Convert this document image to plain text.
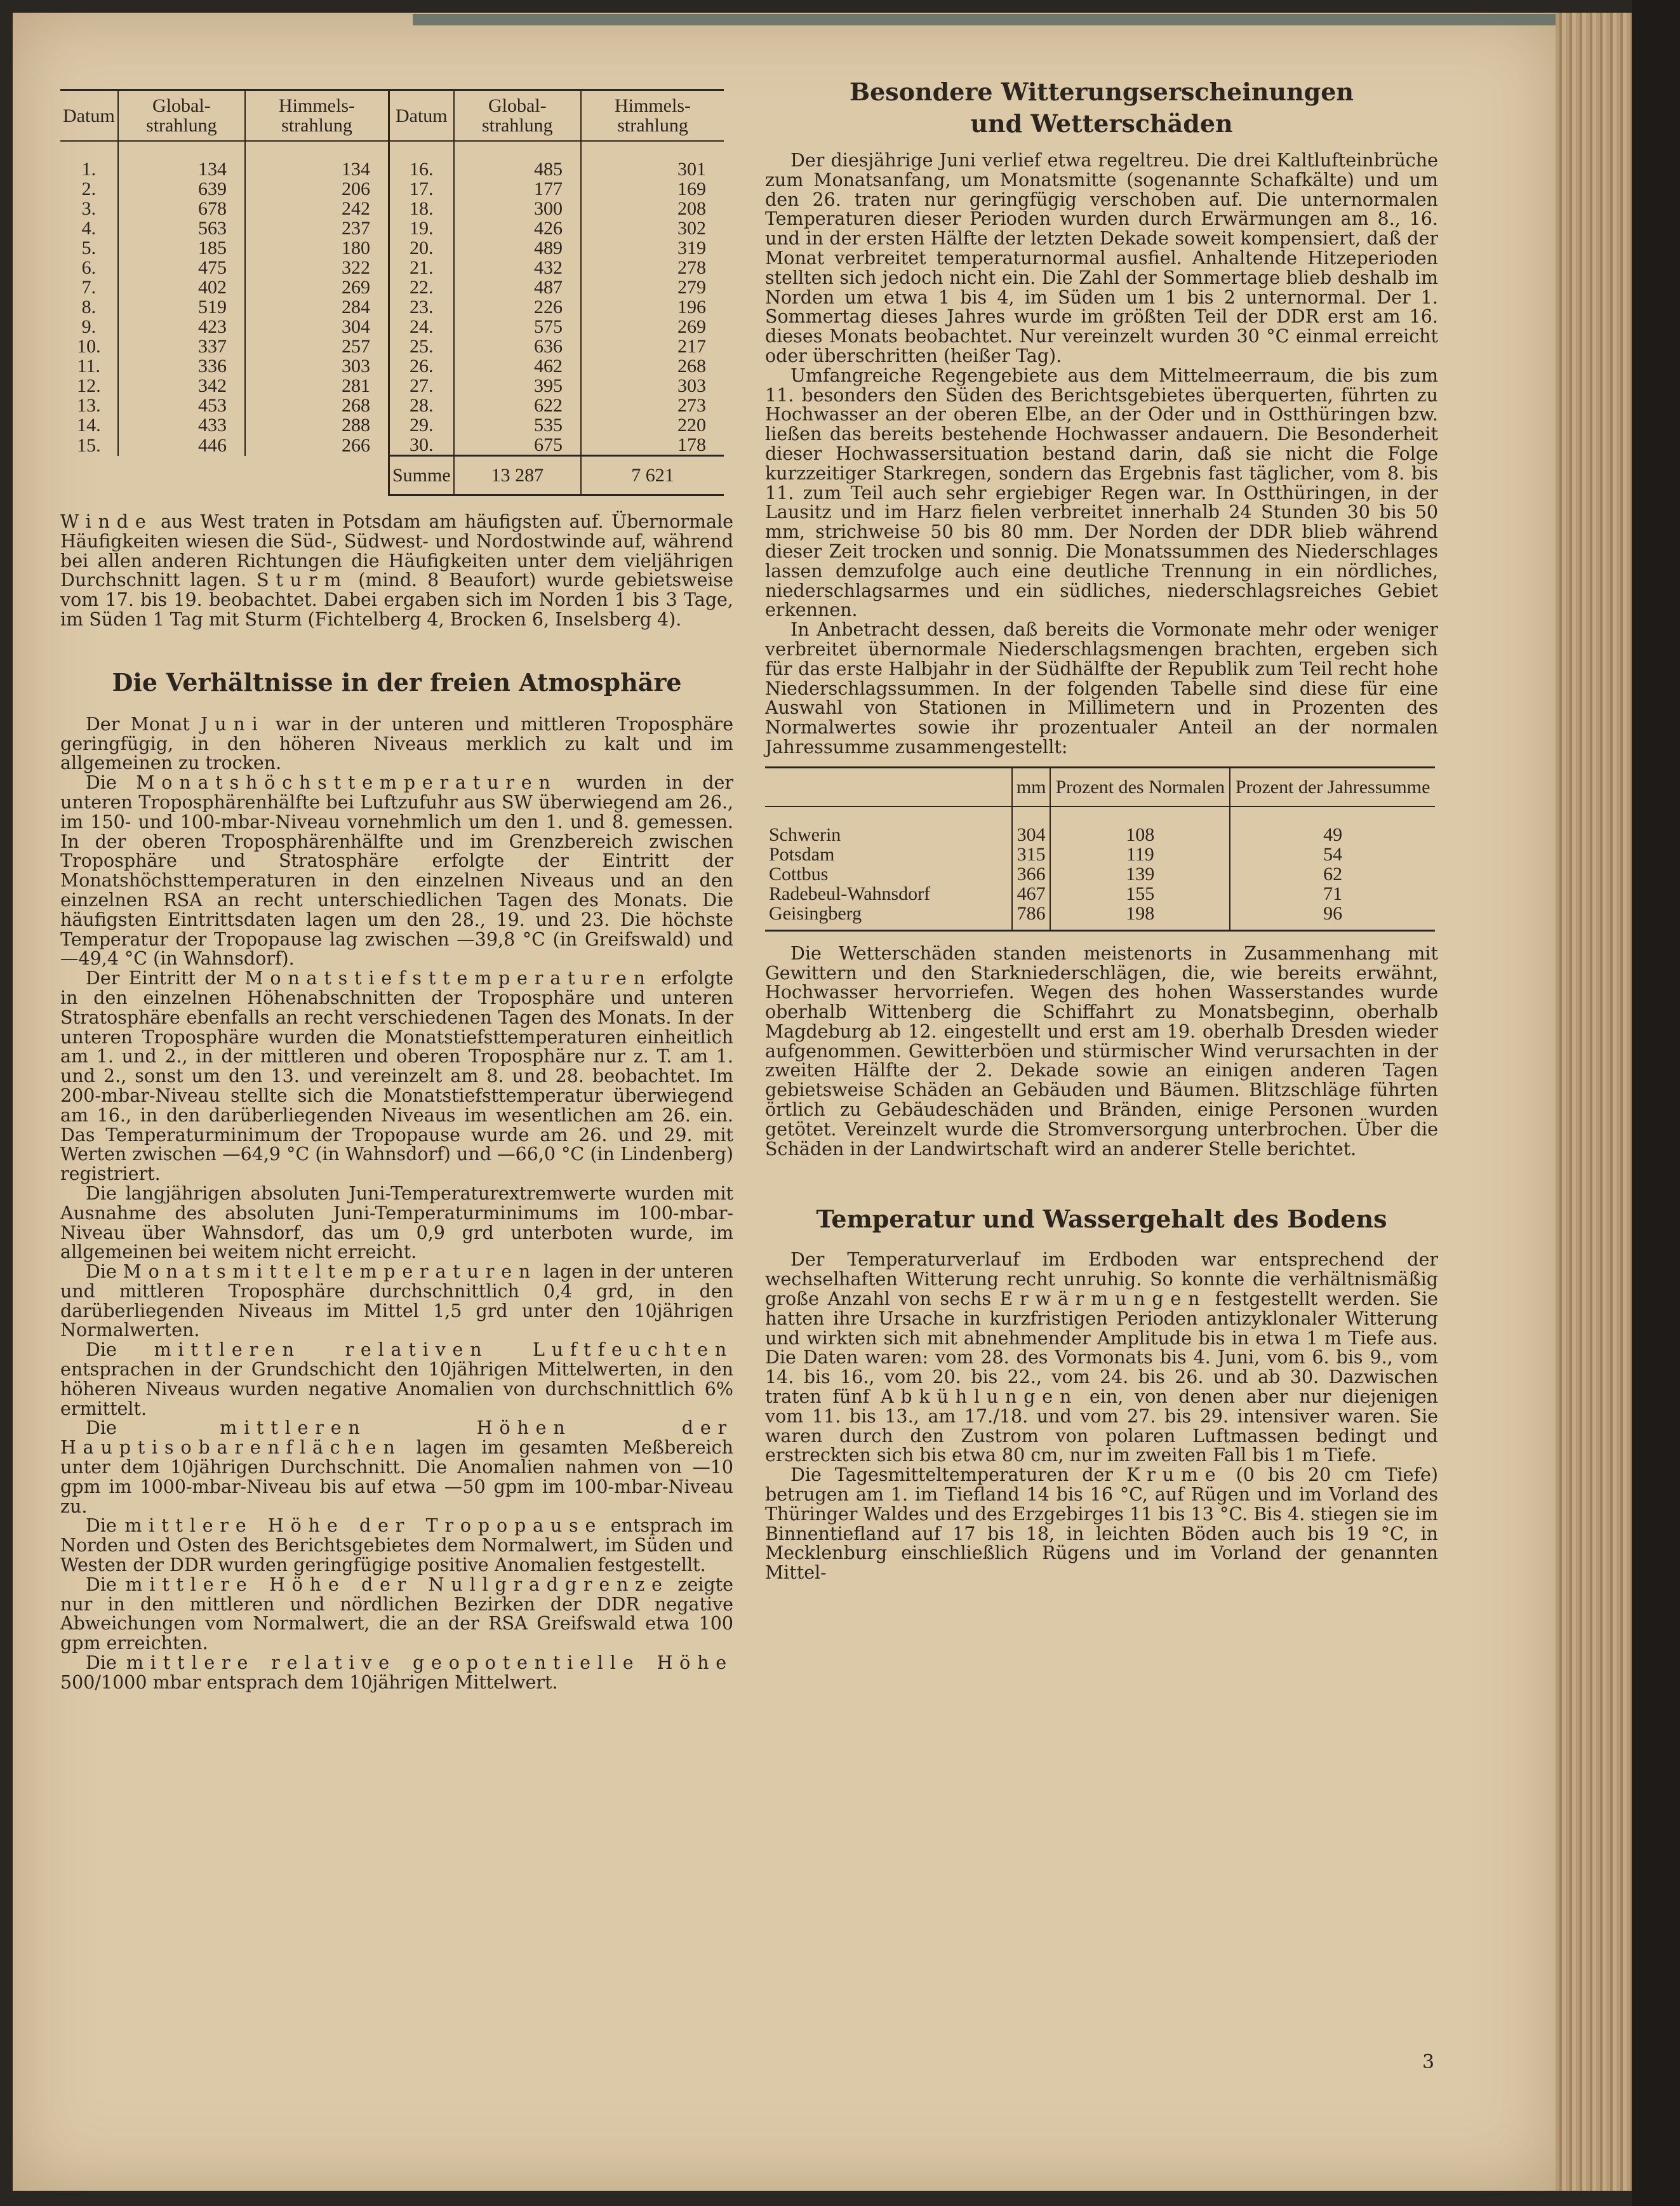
Datum	Global-strahlung	Himmels-strahlung	Datum	Global-strahlung	Himmels-strahlung
1.	134	134	16.	485	301
2.	639	206	17.	177	169
3.	678	242	18.	300	208
4.	563	237	19.	426	302
5.	185	180	20.	489	319
6.	475	322	21.	432	278
7.	402	269	22.	487	279
8.	519	284	23.	226	196
9.	423	304	24.	575	269
10.	337	257	25.	636	217
11.	336	303	26.	462	268
12.	342	281	27.	395	303
13.	453	268	28.	622	273
14.	433	288	29.	535	220
15.	446	266	30.	675	178
			Summe	13 287	7 621

Winde aus West traten in Potsdam am häufigsten auf. Übernormale Häufigkeiten wiesen die Süd-, Südwest- und Nordostwinde auf, während bei allen anderen Richtungen die Häufigkeiten unter dem vieljährigen Durchschnitt lagen. Sturm (mind. 8 Beaufort) wurde gebietsweise vom 17. bis 19. beobachtet. Dabei ergaben sich im Norden 1 bis 3 Tage, im Süden 1 Tag mit Sturm (Fichtelberg 4, Brocken 6, Inselsberg 4).

Die Verhältnisse in der freien Atmosphäre

Der Monat Juni war in der unteren und mittleren Troposphäre geringfügig, in den höheren Niveaus merklich zu kalt und im allgemeinen zu trocken.

Die Monatshöchsttemperaturen wurden in der unteren Troposphärenhälfte bei Luftzufuhr aus SW überwiegend am 26., im 150- und 100-mbar-Niveau vornehmlich um den 1. und 8. gemessen. In der oberen Troposphärenhälfte und im Grenzbereich zwischen Troposphäre und Stratosphäre erfolgte der Eintritt der Monatshöchsttemperaturen in den einzelnen Niveaus und an den einzelnen RSA an recht unterschiedlichen Tagen des Monats. Die häufigsten Eintrittsdaten lagen um den 28., 19. und 23. Die höchste Temperatur der Tropopause lag zwischen —39,8 °C (in Greifswald) und —49,4 °C (in Wahnsdorf).

Der Eintritt der Monatstiefsttemperaturen erfolgte in den einzelnen Höhenabschnitten der Troposphäre und unteren Stratosphäre ebenfalls an recht verschiedenen Tagen des Monats. In der unteren Troposphäre wurden die Monatstiefsttemperaturen einheitlich am 1. und 2., in der mittleren und oberen Troposphäre nur z. T. am 1. und 2., sonst um den 13. und vereinzelt am 8. und 28. beobachtet. Im 200-mbar-Niveau stellte sich die Monatstiefsttemperatur überwiegend am 16., in den darüberliegenden Niveaus im wesentlichen am 26. ein. Das Temperaturminimum der Tropopause wurde am 26. und 29. mit Werten zwischen —64,9 °C (in Wahnsdorf) und —66,0 °C (in Lindenberg) registriert.

Die langjährigen absoluten Juni-Temperaturextremwerte wurden mit Ausnahme des absoluten Juni-Temperaturminimums im 100-mbar-Niveau über Wahnsdorf, das um 0,9 grd unterboten wurde, im allgemeinen bei weitem nicht erreicht.

Die Monatsmitteltemperaturen lagen in der unteren und mittleren Troposphäre durchschnittlich 0,4 grd, in den darüberliegenden Niveaus im Mittel 1,5 grd unter den 10jährigen Normalwerten.

Die mittleren relativen Luftfeuchten entsprachen in der Grundschicht den 10jährigen Mittelwerten, in den höheren Niveaus wurden negative Anomalien von durchschnittlich 6% ermittelt.

Die mittleren Höhen der Hauptisobarenflächen lagen im gesamten Meßbereich unter dem 10jährigen Durchschnitt. Die Anomalien nahmen von —10 gpm im 1000-mbar-Niveau bis auf etwa —50 gpm im 100-mbar-Niveau zu.

Die mittlere Höhe der Tropopause entsprach im Norden und Osten des Berichtsgebietes dem Normalwert, im Süden und Westen der DDR wurden geringfügige positive Anomalien festgestellt.

Die mittlere Höhe der Nullgradgrenze zeigte nur in den mittleren und nördlichen Bezirken der DDR negative Abweichungen vom Normalwert, die an der RSA Greifswald etwa 100 gpm erreichten.

Die mittlere relative geopotentielle Höhe 500/1000 mbar entsprach dem 10jährigen Mittelwert.

Besondere Witterungserscheinungen
und Wetterschäden

Der diesjährige Juni verlief etwa regeltreu. Die drei Kaltlufteinbrüche zum Monatsanfang, um Monatsmitte (sogenannte Schafkälte) und um den 26. traten nur geringfügig verschoben auf. Die unternormalen Temperaturen dieser Perioden wurden durch Erwärmungen am 8., 16. und in der ersten Hälfte der letzten Dekade soweit kompensiert, daß der Monat verbreitet temperaturnormal ausfiel. Anhaltende Hitzeperioden stellten sich jedoch nicht ein. Die Zahl der Sommertage blieb deshalb im Norden um etwa 1 bis 4, im Süden um 1 bis 2 unternormal. Der 1. Sommertag dieses Jahres wurde im größten Teil der DDR erst am 16. dieses Monats beobachtet. Nur vereinzelt wurden 30 °C einmal erreicht oder überschritten (heißer Tag).

Umfangreiche Regengebiete aus dem Mittelmeerraum, die bis zum 11. besonders den Süden des Berichtsgebietes überquerten, führten zu Hochwasser an der oberen Elbe, an der Oder und in Ostthüringen bzw. ließen das bereits bestehende Hochwasser andauern. Die Besonderheit dieser Hochwassersituation bestand darin, daß sie nicht die Folge kurzzeitiger Starkregen, sondern das Ergebnis fast täglicher, vom 8. bis 11. zum Teil auch sehr ergiebiger Regen war. In Ostthüringen, in der Lausitz und im Harz fielen verbreitet innerhalb 24 Stunden 30 bis 50 mm, strichweise 50 bis 80 mm. Der Norden der DDR blieb während dieser Zeit trocken und sonnig. Die Monatssummen des Niederschlages lassen demzufolge auch eine deutliche Trennung in ein nördliches, niederschlagsarmes und ein südliches, niederschlagsreiches Gebiet erkennen.

In Anbetracht dessen, daß bereits die Vormonate mehr oder weniger verbreitet übernormale Niederschlagsmengen brachten, ergeben sich für das erste Halbjahr in der Südhälfte der Republik zum Teil recht hohe Niederschlagssummen. In der folgenden Tabelle sind diese für eine Auswahl von Stationen in Millimetern und in Prozenten des Normalwertes sowie ihr prozentualer Anteil an der normalen Jahressumme zusammengestellt:

	mm	Prozent des Normalen	Prozent der Jahressumme
Schwerin	304	108	49
Potsdam	315	119	54
Cottbus	366	139	62
Radebeul-Wahnsdorf	467	155	71
Geisingberg	786	198	96

Die Wetterschäden standen meistenorts in Zusammenhang mit Gewittern und den Starkniederschlägen, die, wie bereits erwähnt, Hochwasser hervorriefen. Wegen des hohen Wasserstandes wurde oberhalb Wittenberg die Schiffahrt zu Monatsbeginn, oberhalb Magdeburg ab 12. eingestellt und erst am 19. oberhalb Dresden wieder aufgenommen. Gewitterböen und stürmischer Wind verursachten in der zweiten Hälfte der 2. Dekade sowie an einigen anderen Tagen gebietsweise Schäden an Gebäuden und Bäumen. Blitzschläge führten örtlich zu Gebäudeschäden und Bränden, einige Personen wurden getötet. Vereinzelt wurde die Stromversorgung unterbrochen. Über die Schäden in der Landwirtschaft wird an anderer Stelle berichtet.

Temperatur und Wassergehalt des Bodens

Der Temperaturverlauf im Erdboden war entsprechend der wechselhaften Witterung recht unruhig. So konnte die verhältnismäßig große Anzahl von sechs Erwärmungen festgestellt werden. Sie hatten ihre Ursache in kurzfristigen Perioden antizyklonaler Witterung und wirkten sich mit abnehmender Amplitude bis in etwa 1 m Tiefe aus. Die Daten waren: vom 28. des Vormonats bis 4. Juni, vom 6. bis 9., vom 14. bis 16., vom 20. bis 22., vom 24. bis 26. und ab 30. Dazwischen traten fünf Abkühlungen ein, von denen aber nur diejenigen vom 11. bis 13., am 17./18. und vom 27. bis 29. intensiver waren. Sie waren durch den Zustrom von polaren Luftmassen bedingt und erstreckten sich bis etwa 80 cm, nur im zweiten Fall bis 1 m Tiefe.

Die Tagesmitteltemperaturen der Krume (0 bis 20 cm Tiefe) betrugen am 1. im Tiefland 14 bis 16 °C, auf Rügen und im Vorland des Thüringer Waldes und des Erzgebirges 11 bis 13 °C. Bis 4. stiegen sie im Binnentiefland auf 17 bis 18, in leichten Böden auch bis 19 °C, in Mecklenburg einschließlich Rügens und im Vorland der genannten Mittel-

3
